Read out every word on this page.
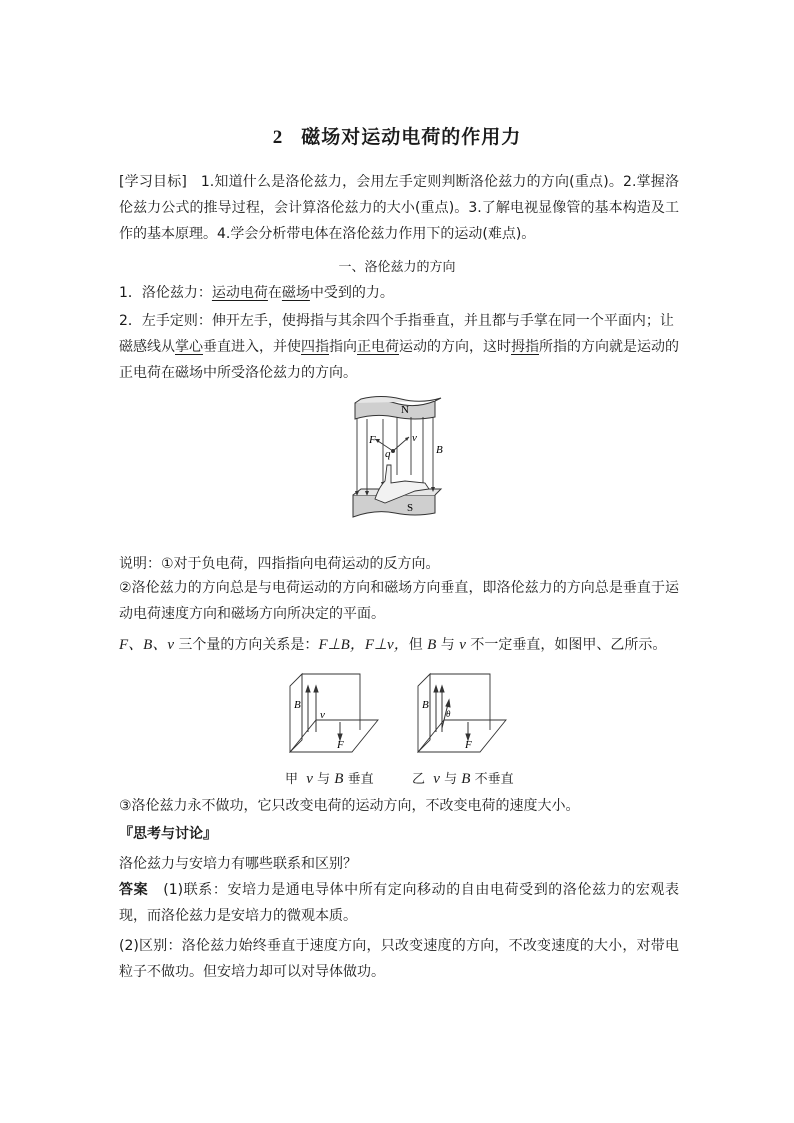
2 磁场对运动电荷的作用力
[学习目标] 1.知道什么是洛伦兹力，会用左手定则判断洛伦兹力的方向(重点)。2.掌握洛伦兹力公式的推导过程，会计算洛伦兹力的大小(重点)。3.了解电视显像管的基本构造及工作的基本原理。4.学会分析带电体在洛伦兹力作用下的运动(难点)。
一、洛伦兹力的方向
1．洛伦兹力：运动电荷在磁场中受到的力。
2．左手定则：伸开左手，使拇指与其余四个手指垂直，并且都与手掌在同一个平面内；让
磁感线从掌心垂直进入，并使四指指向正电荷运动的方向，这时拇指所指的方向就是运动的
正电荷在磁场中所受洛伦兹力的方向。
N
S
F	v
q	B
说明：①对于负电荷，四指指向电荷运动的反方向。
②洛伦兹力的方向总是与电荷运动的方向和磁场方向垂直，即洛伦兹力的方向总是垂直于运动电荷速度方向和磁场方向所决定的平面。
F、B、v 三个量的方向关系是：F⊥B，F⊥v，但 B 与 v 不一定垂直，如图甲、乙所示。
B
v
F
甲 v 与 B 垂直
B
θ
F
乙 v 与 B 不垂直
③洛伦兹力永不做功，它只改变电荷的运动方向，不改变电荷的速度大小。
『思考与讨论』
洛伦兹力与安培力有哪些联系和区别？
答案 (1)联系：安培力是通电导体中所有定向移动的自由电荷受到的洛伦兹力的宏观表现，而洛伦兹力是安培力的微观本质。
(2)区别：洛伦兹力始终垂直于速度方向，只改变速度的方向，不改变速度的大小，对带电粒子不做功。但安培力却可以对导体做功。
